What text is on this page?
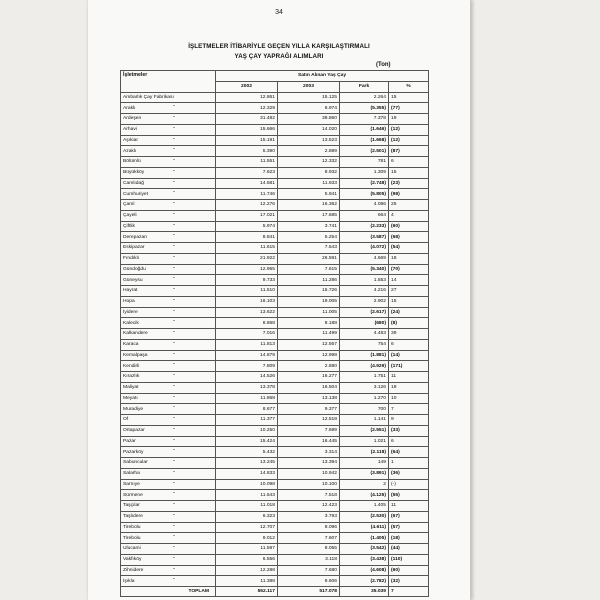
34
İŞLETMELER İTİBARİYLE GEÇEN YILLA KARŞILAŞTIRMALI
YAŞ ÇAY YAPRAĞI ALIMLARI
(Ton)
İşletmeler	Satın Alınan Yaş Çay			
	2002	2003	Fark	%
Ambarlık Çay Fabrikası	12.861	15.125	2.264	15
Araklı "	12.329	6.974	(5.355)	(77)
Ardeşen "	31.482	38.860	7.378	19
Arhavi "	15.666	14.020	(1.646)	(12)
Aşıkiar "	15.191	13.523	(1.668)	(12)
Azaklı "	5.390	2.889	(2.501)	(87)
Bölümlü "	11.551	12.332	781	6
Büyükköy "	7.623	8.932	1.309	15
Camlıdağ "	14.681	11.933	(2.748)	(23)
Cumhuriyet "	11.746	5.941	(5.805)	(98)
Çaml "	12.276	16.362	4.086	25
Çayeli "	17.021	17.685	664	4
Çiftlik "	5.974	3.741	(2.233)	(60)
Derepazarı "	8.841	5.254	(3.587)	(68)
Eskipazar "	11.615	7.543	(4.072)	(54)
Fındıklı "	21.922	26.591	4.669	18
Gündoğdu "	12.955	7.615	(5.340)	(70)
Güneysu "	9.733	11.286	1.553	14
Hayrat "	11.510	15.726	4.216	27
Hopa "	16.103	19.005	2.902	15
İyidere "	13.622	11.005	(2.617)	(24)
Kalecik "	8.868	8.188	(680)	(8)
Kalkandere "	7.016	11.499	4.483	39
Karaca "	11.813	12.567	754	6
Kemalpaşa "	14.879	12.998	(1.881)	(14)
Kendirli "	7.809	2.880	(4.929)	(171)
Kırazlık "	14.526	16.277	1.751	11
Maliyat "	13.378	16.504	3.126	19
Meyatı "	11.868	13.138	1.270	10
Muradiye "	8.677	9.377	700	7
Of "	11.377	12.518	1.141	9
Ortapazar "	10.250	7.699	(2.551)	(33)
Pazar "	15.424	16.445	1.021	6
Pazarköy "	5.432	3.314	(2.118)	(64)
Sabuncular "	13.245	13.394	149	1
Salarha "	14.833	10.942	(3.891)	(36)
Sarnıye "	10.098	10.100	2	(-)
Sürmene "	11.643	7.518	(4.125)	(55)
Taşçılar "	11.018	12.423	1.405	11
Taşlıdere "	6.323	3.793	(2.530)	(67)
Tirebolu "	12.707	8.096	(4.611)	(57)
Tirebolu "	9.012	7.607	(1.405)	(18)
Ulucami "	11.597	8.055	(3.542)	(44)
Vakfıköy "	6.556	3.118	(3.438)	(110)
Zihnidere "	12.288	7.680	(4.608)	(60)
İşıkla "	11.388	8.606	(2.782)	(32)
TOPLAM	552.117	517.078	35.039	7
